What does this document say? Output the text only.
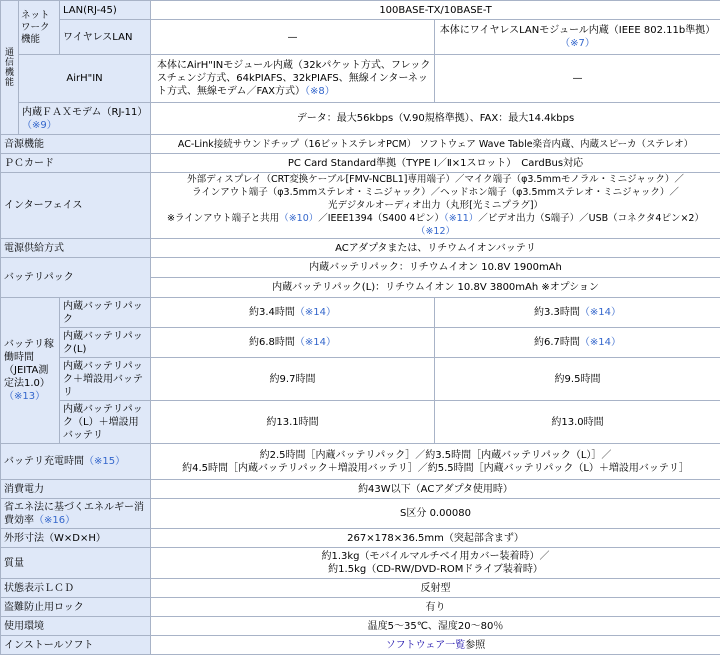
通信機能	ネットワーク機能	LAN(RJ-45)	100BASE-TX/10BASE-T	
		ワイヤレスLAN	—	本体にワイヤレスLANモジュール内蔵（IEEE 802.11b準拠）（※7）
	AirH"IN		本体にAirH"INモジュール内蔵（32kパケット方式、フレックスチェンジ方式、64kPIAFS、32kPIAFS、無線インターネット方式、無線モデム／FAX方式）（※8）	—
	内蔵ＦＡＸモデム（RJ-11）（※9）		データ：最大56kbps（V.90規格準拠）、FAX：最大14.4kbps	
音源機能			AC-Link接続サウンドチップ（16ビットステレオPCM） ソフトウェア Wave Table楽音内蔵、内蔵スピーカ（ステレオ）	
ＰＣカード			PC Card Standard準拠（TYPE Ⅰ／Ⅱ×1スロット）　CardBus対応	
インターフェイス			外部ディスプレイ（CRT変換ケーブル[FMV-NCBL1]専用端子）／マイク端子（φ3.5mmモノラル・ミニジャック）／
ラインアウト端子（φ3.5mmステレオ・ミニジャック）／ヘッドホン端子（φ3.5mmステレオ・ミニジャック）／
光デジタルオーディオ出力（丸形[光ミニプラグ]）
※ラインアウト端子と共用（※10）／IEEE1394（S400 4ピン）（※11）／ビデオ出力（S端子）／USB（コネクタ4ピン×2）（※12）	

電源供給方式			ACアダプタまたは、リチウムイオンバッテリ	
バッテリパック			内蔵バッテリパック：リチウムイオン 10.8V 1900mAh	
			内蔵バッテリパック(L)：リチウムイオン 10.8V 3800mAh ※オプション	
バッテリ稼働時間（JEITA測定法1.0）（※13）		内蔵バッテリパック	約3.4時間（※14）	約3.3時間（※14）
		内蔵バッテリパック(L)	約6.8時間（※14）	約6.7時間（※14）
		内蔵バッテリパック＋増設用バッテリ	約9.7時間	約9.5時間
		内蔵バッテリパック（L）＋増設用バッテリ	約13.1時間	約13.0時間
バッテリ充電時間（※15）			約2.5時間［内蔵バッテリパック］／約3.5時間［内蔵バッテリパック（L）］／
約4.5時間［内蔵バッテリパック＋増設用バッテリ］／約5.5時間［内蔵バッテリパック（L）＋増設用バッテリ］	

消費電力			約43W以下（ACアダプタ使用時）	
省エネ法に基づくエネルギー消費効率（※16）			S区分 0.00080	
外形寸法（W×D×H）			267×178×36.5mm（突起部含まず）	
質量			約1.3kg（モバイルマルチベイ用カバー装着時）／
約1.5kg（CD-RW/DVD-ROMドライブ装着時）	

状態表示ＬＣＤ			反射型	
盗難防止用ロック			有り	
使用環境			温度5～35℃、湿度20～80％	
インストールソフト			ソフトウェア一覧参照	
